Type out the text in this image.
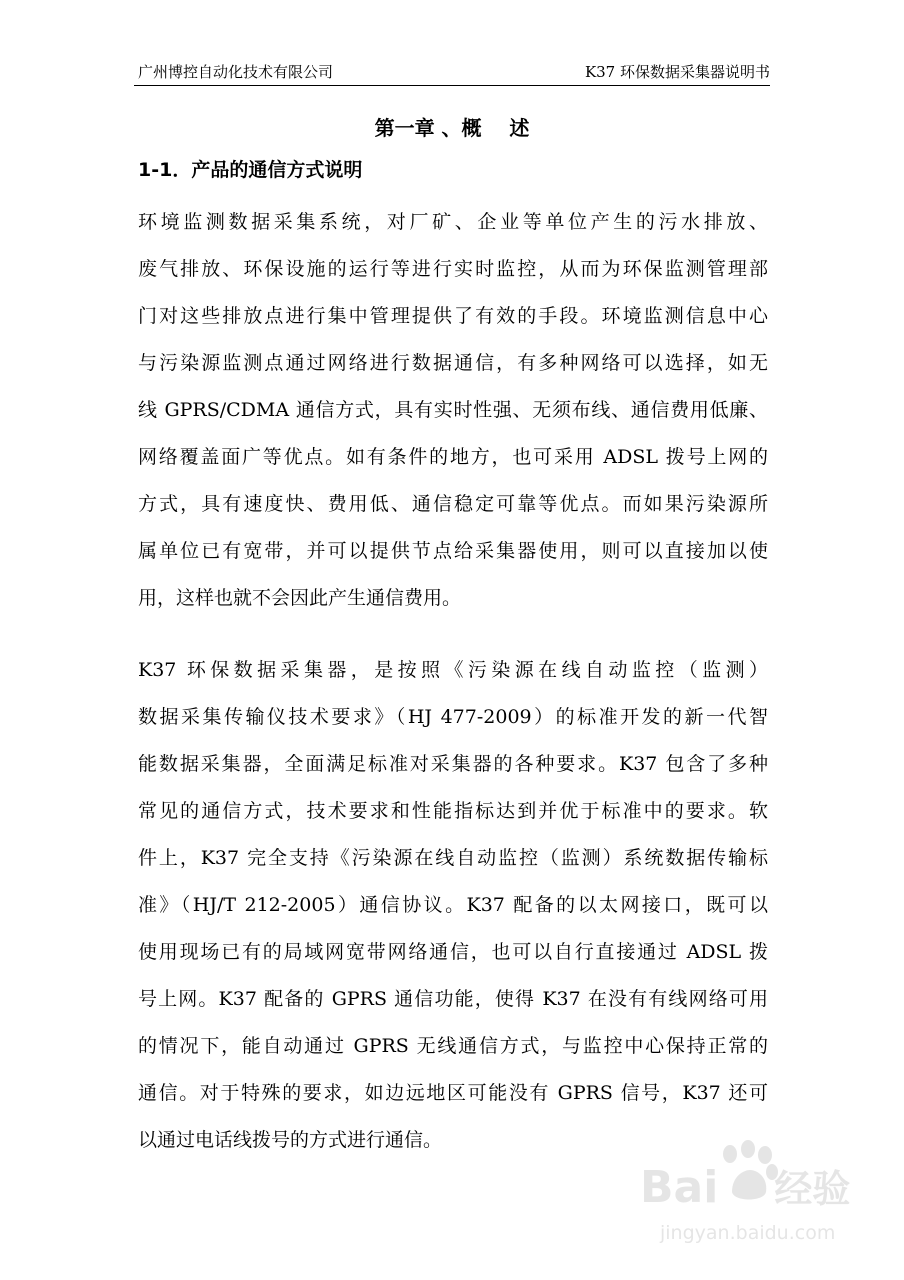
广州博控自动化技术有限公司	K37 环保数据采集器说明书
第一章 、概    述
1-1．产品的通信方式说明
环境监测数据采集系统，对厂矿、企业等单位产生的污水排放、
废气排放、环保设施的运行等进行实时监控，从而为环保监测管理部
门对这些排放点进行集中管理提供了有效的手段。环境监测信息中心
与污染源监测点通过网络进行数据通信，有多种网络可以选择，如无
线 GPRS/CDMA 通信方式，具有实时性强、无须布线、通信费用低廉、
网络覆盖面广等优点。如有条件的地方，也可采用 ADSL 拨号上网的
方式，具有速度快、费用低、通信稳定可靠等优点。而如果污染源所
属单位已有宽带，并可以提供节点给采集器使用，则可以直接加以使
用，这样也就不会因此产生通信费用。
K37 环保数据采集器，是按照《污染源在线自动监控（监测）
数据采集传输仪技术要求》（HJ 477-2009）的标准开发的新一代智
能数据采集器，全面满足标准对采集器的各种要求。K37 包含了多种
常见的通信方式，技术要求和性能指标达到并优于标准中的要求。软
件上，K37 完全支持《污染源在线自动监控（监测）系统数据传输标
准》（HJ/T 212-2005）通信协议。K37 配备的以太网接口，既可以
使用现场已有的局域网宽带网络通信，也可以自行直接通过 ADSL 拨
号上网。K37 配备的 GPRS 通信功能，使得 K37 在没有有线网络可用
的情况下，能自动通过 GPRS 无线通信方式，与监控中心保持正常的
通信。对于特殊的要求，如边远地区可能没有 GPRS 信号，K37 还可
以通过电话线拨号的方式进行通信。
Bai 经验
jingyan.baidu.com
